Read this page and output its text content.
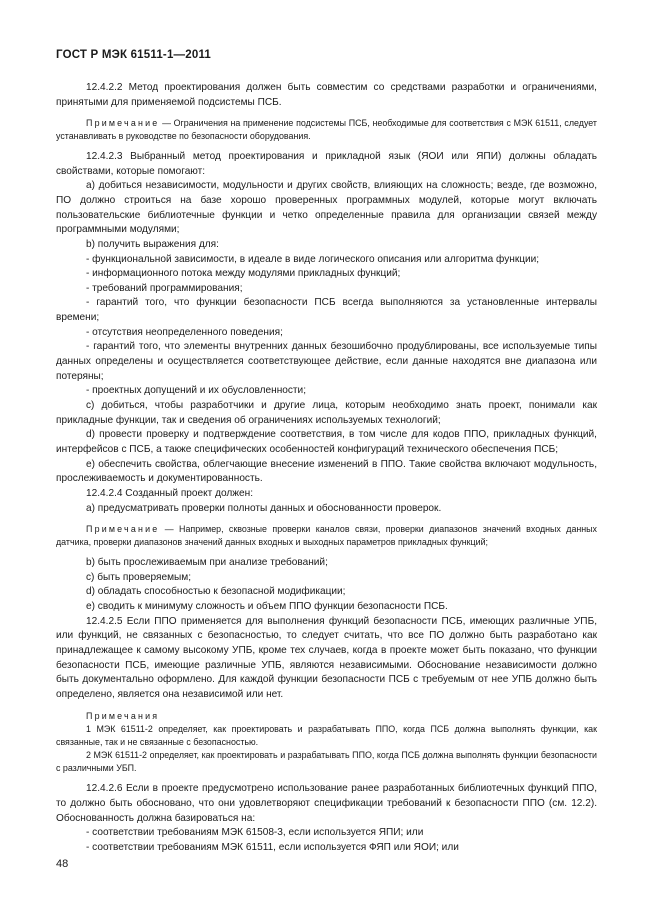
ГОСТ Р МЭК 61511-1—2011

12.4.2.2 Метод проектирования должен быть совместим со средствами разработки и ограничениями, принятыми для применяемой подсистемы ПСБ.

Примечание — Ограничения на применение подсистемы ПСБ, необходимые для соответствия с МЭК 61511, следует устанавливать в руководстве по безопасности оборудования.

12.4.2.3 Выбранный метод проектирования и прикладной язык (ЯОИ или ЯПИ) должны обладать свойствами, которые помогают:

a) добиться независимости, модульности и других свойств, влияющих на сложность; везде, где возможно, ПО должно строиться на базе хорошо проверенных программных модулей, которые могут включать пользовательские библиотечные функции и четко определенные правила для организации связей между программными модулями;

b) получить выражения для:

- функциональной зависимости, в идеале в виде логического описания или алгоритма функции;

- информационного потока между модулями прикладных функций;

- требований программирования;

- гарантий того, что функции безопасности ПСБ всегда выполняются за установленные интервалы времени;

- отсутствия неопределенного поведения;

- гарантий того, что элементы внутренних данных безошибочно продублированы, все используемые типы данных определены и осуществляется соответствующее действие, если данные находятся вне диапазона или потеряны;

- проектных допущений и их обусловленности;

c) добиться, чтобы разработчики и другие лица, которым необходимо знать проект, понимали как прикладные функции, так и сведения об ограничениях используемых технологий;

d) провести проверку и подтверждение соответствия, в том числе для кодов ППО, прикладных функций, интерфейсов с ПСБ, а также специфических особенностей конфигураций технического обеспечения ПСБ;

e) обеспечить свойства, облегчающие внесение изменений в ППО. Такие свойства включают модульность, прослеживаемость и документированность.

12.4.2.4 Созданный проект должен:

a) предусматривать проверки полноты данных и обоснованности проверок.

Примечание — Например, сквозные проверки каналов связи, проверки диапазонов значений входных данных датчика, проверки диапазонов значений данных входных и выходных параметров прикладных функций;

b) быть прослеживаемым при анализе требований;

c) быть проверяемым;

d) обладать способностью к безопасной модификации;

e) сводить к минимуму сложность и объем ППО функции безопасности ПСБ.

12.4.2.5 Если ППО применяется для выполнения функций безопасности ПСБ, имеющих различные УПБ, или функций, не связанных с безопасностью, то следует считать, что все ПО должно быть разработано как принадлежащее к самому высокому УПБ, кроме тех случаев, когда в проекте может быть показано, что функции безопасности ПСБ, имеющие различные УПБ, являются независимыми. Обоснование независимости должно быть документально оформлено. Для каждой функции безопасности ПСБ с требуемым от нее УПБ должно быть определено, является она независимой или нет.

Примечания

1 МЭК 61511-2 определяет, как проектировать и разрабатывать ППО, когда ПСБ должна выполнять функции, как связанные, так и не связанные с безопасностью.

2 МЭК 61511-2 определяет, как проектировать и разрабатывать ППО, когда ПСБ должна выполнять функции безопасности с различными УБП.

12.4.2.6 Если в проекте предусмотрено использование ранее разработанных библиотечных функций ППО, то должно быть обосновано, что они удовлетворяют спецификации требований к безопасности ППО (см. 12.2). Обоснованность должна базироваться на:

- соответствии требованиям МЭК 61508-3, если используется ЯПИ; или

- соответствии требованиям МЭК 61511, если используется ФЯП или ЯОИ; или

48
